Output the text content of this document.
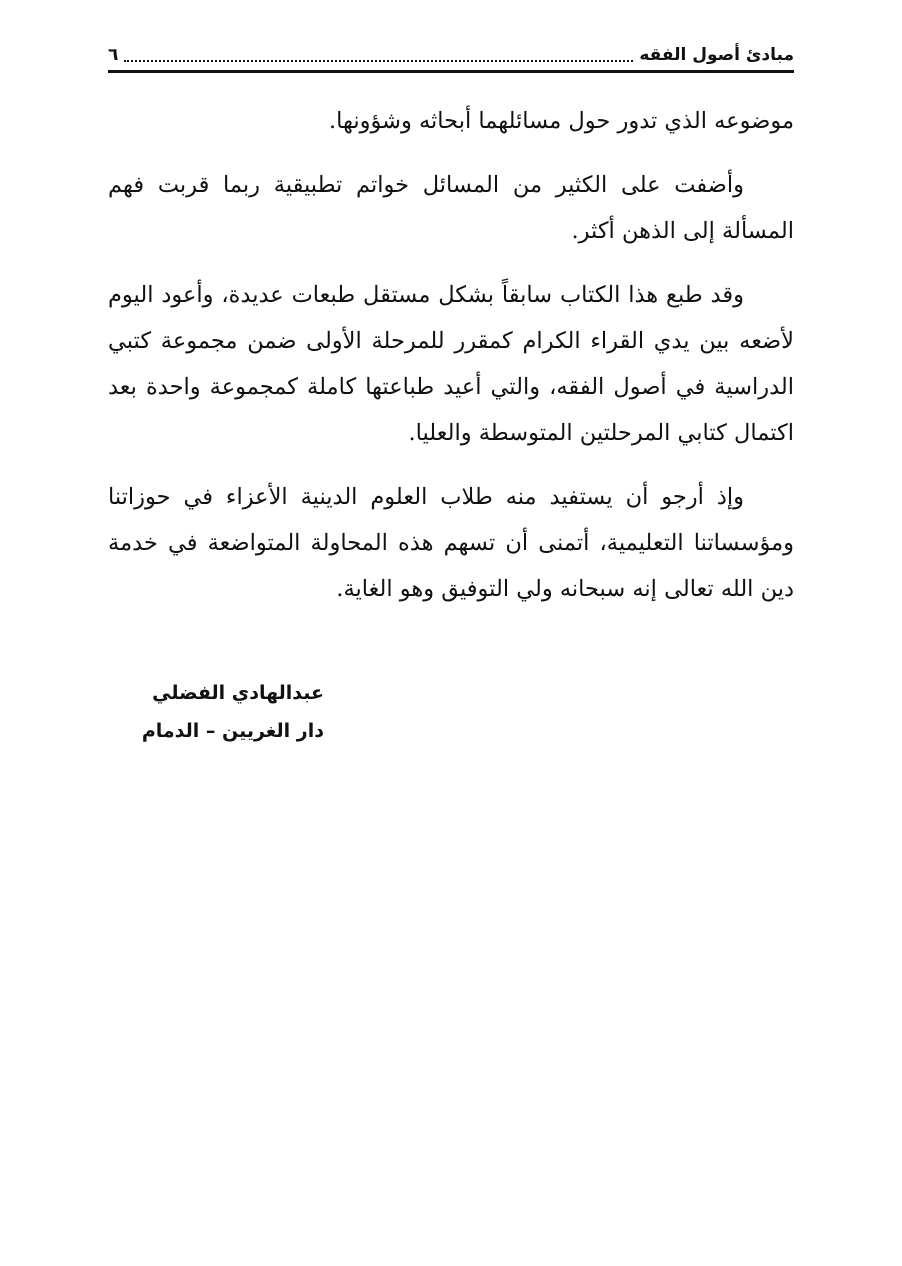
مبادئ أصول الفقه
٦

موضوعه الذي تدور حول مسائلهما أبحاثه وشؤونها.

وأضفت على الكثير من المسائل خواتم تطبيقية ربما قربت فهم المسألة إلى الذهن أكثر.

وقد طبع هذا الكتاب سابقاً بشكل مستقل طبعات عديدة، وأعود اليوم لأضعه بين يدي القراء الكرام كمقرر للمرحلة الأولى ضمن مجموعة كتبي الدراسية في أصول الفقه، والتي أعيد طباعتها كاملة كمجموعة واحدة بعد اكتمال كتابي المرحلتين المتوسطة والعليا.

وإذ أرجو أن يستفيد منه طلاب العلوم الدينية الأعزاء في حوزاتنا ومؤسساتنا التعليمية، أتمنى أن تسهم هذه المحاولة المتواضعة في خدمة دين الله تعالى إنه سبحانه ولي التوفيق وهو الغاية.

عبدالهادي الفضلي
دار الغريين – الدمام
